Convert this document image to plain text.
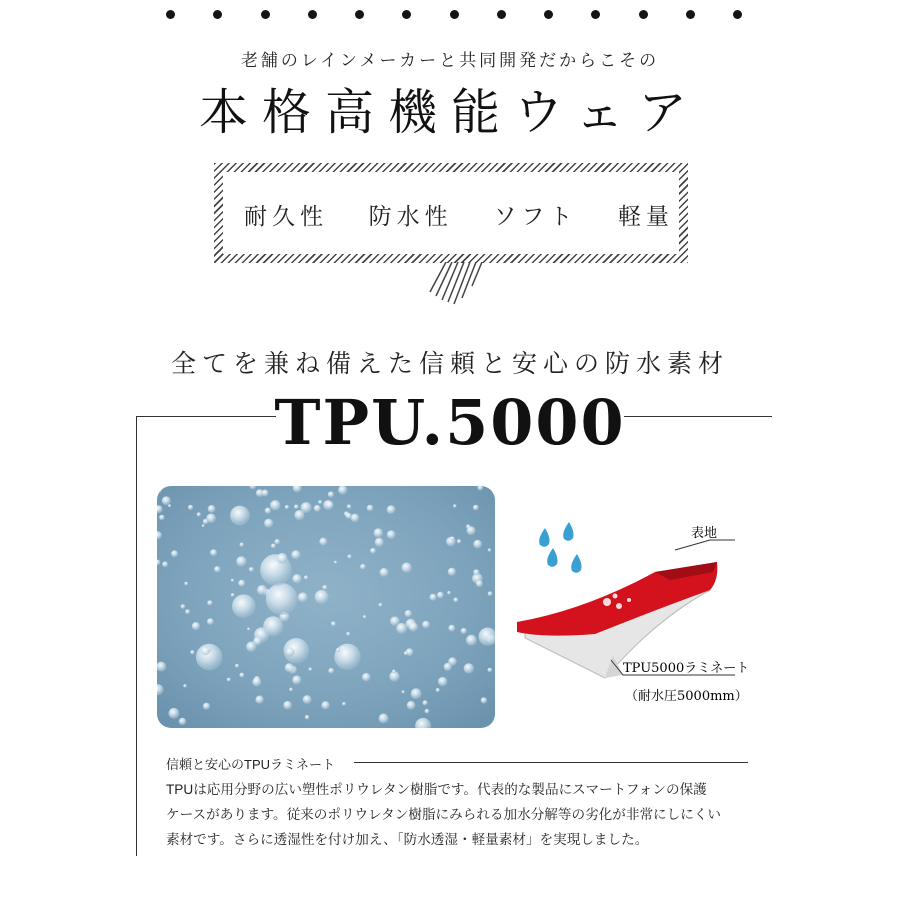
老舗のレインメーカーと共同開発だからこその
本格高機能ウェア
耐久性 防水性 ソフト 軽量
全てを兼ね備えた信頼と安心の防水素材
TPU.5000
表地
TPU5000ラミネート
（耐水圧5000mm）
信頼と安心のTPUラミネート
TPUは応用分野の広い塑性ポリウレタン樹脂です。代表的な製品にスマートフォンの保護
ケースがあります。従来のポリウレタン樹脂にみられる加水分解等の劣化が非常にしにくい
素材です。さらに透湿性を付け加え、「防水透湿・軽量素材」を実現しました。
